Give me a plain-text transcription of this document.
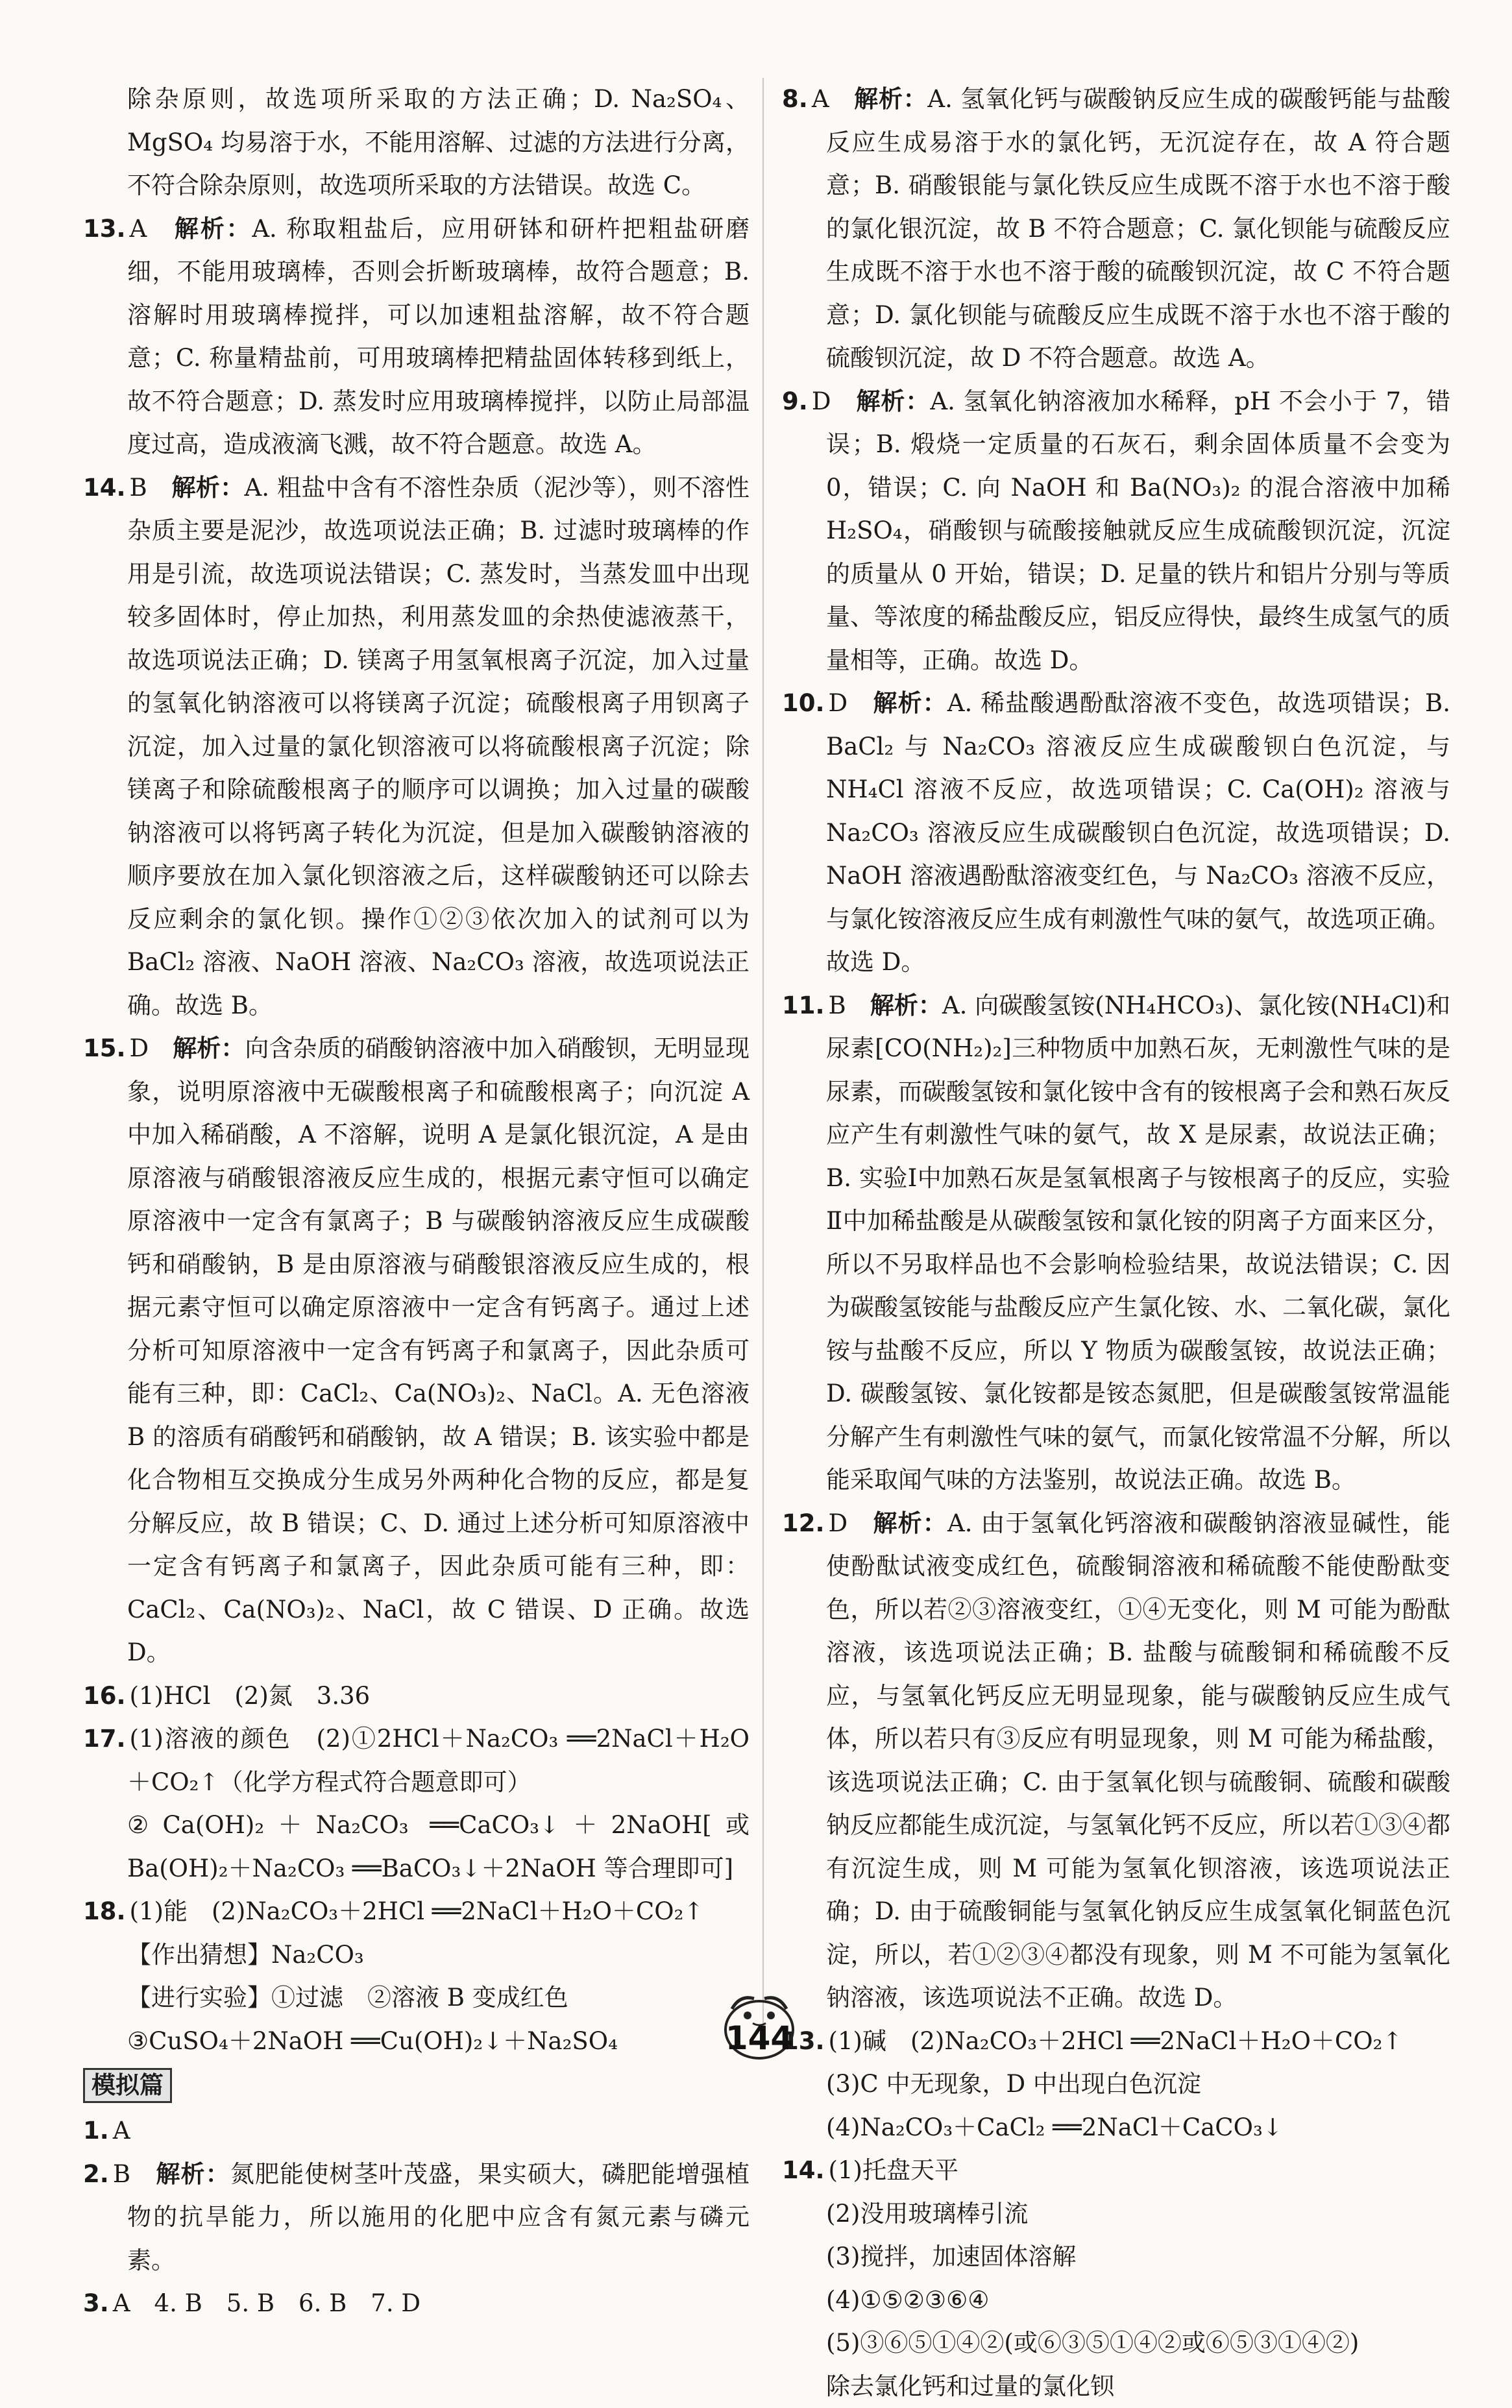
除杂原则，故选项所采取的方法正确；D. Na₂SO₄、MgSO₄ 均易溶于水，不能用溶解、过滤的方法进行分离，不符合除杂原则，故选项所采取的方法错误。故选 C。

13. A　 解析：A. 称取粗盐后，应用研钵和研杵把粗盐研磨细，不能用玻璃棒，否则会折断玻璃棒，故符合题意；B. 溶解时用玻璃棒搅拌，可以加速粗盐溶解，故不符合题意；C. 称量精盐前，可用玻璃棒把精盐固体转移到纸上，故不符合题意；D. 蒸发时应用玻璃棒搅拌，以防止局部温度过高，造成液滴飞溅，故不符合题意。故选 A。

14. B　 解析：A. 粗盐中含有不溶性杂质（泥沙等），则不溶性杂质主要是泥沙，故选项说法正确；B. 过滤时玻璃棒的作用是引流，故选项说法错误；C. 蒸发时，当蒸发皿中出现较多固体时，停止加热，利用蒸发皿的余热使滤液蒸干，故选项说法正确；D. 镁离子用氢氧根离子沉淀，加入过量的氢氧化钠溶液可以将镁离子沉淀；硫酸根离子用钡离子沉淀，加入过量的氯化钡溶液可以将硫酸根离子沉淀；除镁离子和除硫酸根离子的顺序可以调换；加入过量的碳酸钠溶液可以将钙离子转化为沉淀，但是加入碳酸钠溶液的顺序要放在加入氯化钡溶液之后，这样碳酸钠还可以除去反应剩余的氯化钡。操作①②③依次加入的试剂可以为 BaCl₂ 溶液、NaOH 溶液、Na₂CO₃ 溶液，故选项说法正确。故选 B。

15. D　 解析：向含杂质的硝酸钠溶液中加入硝酸钡，无明显现象，说明原溶液中无碳酸根离子和硫酸根离子；向沉淀 A 中加入稀硝酸，A 不溶解，说明 A 是氯化银沉淀，A 是由原溶液与硝酸银溶液反应生成的，根据元素守恒可以确定原溶液中一定含有氯离子；B 与碳酸钠溶液反应生成碳酸钙和硝酸钠，B 是由原溶液与硝酸银溶液反应生成的，根据元素守恒可以确定原溶液中一定含有钙离子。通过上述分析可知原溶液中一定含有钙离子和氯离子，因此杂质可能有三种，即：CaCl₂、Ca(NO₃)₂、NaCl。A. 无色溶液 B 的溶质有硝酸钙和硝酸钠，故 A 错误；B. 该实验中都是化合物相互交换成分生成另外两种化合物的反应，都是复分解反应，故 B 错误；C、D. 通过上述分析可知原溶液中一定含有钙离子和氯离子，因此杂质可能有三种，即：CaCl₂、Ca(NO₃)₂、NaCl，故 C 错误、D 正确。故选 D。

16. (1)HCl　(2)氮　3.36

17. (1)溶液的颜色　(2)①2HCl＋Na₂CO₃ ══2NaCl＋H₂O＋CO₂↑（化学方程式符合题意即可）

②Ca(OH)₂＋Na₂CO₃ ══CaCO₃↓＋2NaOH[或 Ba(OH)₂＋Na₂CO₃ ══BaCO₃↓＋2NaOH 等合理即可]

18. (1)能　(2)Na₂CO₃＋2HCl ══2NaCl＋H₂O＋CO₂↑

【作出猜想】Na₂CO₃

【进行实验】①过滤　②溶液 B 变成红色

③CuSO₄＋2NaOH ══Cu(OH)₂↓＋Na₂SO₄

模拟篇

1. A　

2. B　 解析：氮肥能使树茎叶茂盛，果实硕大，磷肥能增强植物的抗旱能力，所以施用的化肥中应含有氮元素与磷元素。

3. A　4. B　5. B　6. B　7. D　

8. A　 解析：A. 氢氧化钙与碳酸钠反应生成的碳酸钙能与盐酸反应生成易溶于水的氯化钙，无沉淀存在，故 A 符合题意；B. 硝酸银能与氯化铁反应生成既不溶于水也不溶于酸的氯化银沉淀，故 B 不符合题意；C. 氯化钡能与硫酸反应生成既不溶于水也不溶于酸的硫酸钡沉淀，故 C 不符合题意；D. 氯化钡能与硫酸反应生成既不溶于水也不溶于酸的硫酸钡沉淀，故 D 不符合题意。故选 A。

9. D　 解析：A. 氢氧化钠溶液加水稀释，pH 不会小于 7，错误；B. 煅烧一定质量的石灰石，剩余固体质量不会变为 0，错误；C. 向 NaOH 和 Ba(NO₃)₂ 的混合溶液中加稀 H₂SO₄，硝酸钡与硫酸接触就反应生成硫酸钡沉淀，沉淀的质量从 0 开始，错误；D. 足量的铁片和铝片分别与等质量、等浓度的稀盐酸反应，铝反应得快，最终生成氢气的质量相等，正确。故选 D。

10. D　 解析：A. 稀盐酸遇酚酞溶液不变色，故选项错误；B. BaCl₂ 与 Na₂CO₃ 溶液反应生成碳酸钡白色沉淀，与 NH₄Cl 溶液不反应，故选项错误；C. Ca(OH)₂ 溶液与 Na₂CO₃ 溶液反应生成碳酸钡白色沉淀，故选项错误；D. NaOH 溶液遇酚酞溶液变红色，与 Na₂CO₃ 溶液不反应，与氯化铵溶液反应生成有刺激性气味的氨气，故选项正确。故选 D。

11. B　 解析：A. 向碳酸氢铵(NH₄HCO₃)、氯化铵(NH₄Cl)和尿素[CO(NH₂)₂]三种物质中加熟石灰，无刺激性气味的是尿素，而碳酸氢铵和氯化铵中含有的铵根离子会和熟石灰反应产生有刺激性气味的氨气，故 X 是尿素，故说法正确；B. 实验Ⅰ中加熟石灰是氢氧根离子与铵根离子的反应，实验Ⅱ中加稀盐酸是从碳酸氢铵和氯化铵的阴离子方面来区分，所以不另取样品也不会影响检验结果，故说法错误；C. 因为碳酸氢铵能与盐酸反应产生氯化铵、水、二氧化碳，氯化铵与盐酸不反应，所以 Y 物质为碳酸氢铵，故说法正确；D. 碳酸氢铵、氯化铵都是铵态氮肥，但是碳酸氢铵常温能分解产生有刺激性气味的氨气，而氯化铵常温不分解，所以能采取闻气味的方法鉴别，故说法正确。故选 B。

12. D　 解析：A. 由于氢氧化钙溶液和碳酸钠溶液显碱性，能使酚酞试液变成红色，硫酸铜溶液和稀硫酸不能使酚酞变色，所以若②③溶液变红，①④无变化，则 M 可能为酚酞溶液，该选项说法正确；B. 盐酸与硫酸铜和稀硫酸不反应，与氢氧化钙反应无明显现象，能与碳酸钠反应生成气体，所以若只有③反应有明显现象，则 M 可能为稀盐酸，该选项说法正确；C. 由于氢氧化钡与硫酸铜、硫酸和碳酸钠反应都能生成沉淀，与氢氧化钙不反应，所以若①③④都有沉淀生成，则 M 可能为氢氧化钡溶液，该选项说法正确；D. 由于硫酸铜能与氢氧化钠反应生成氢氧化铜蓝色沉淀，所以，若①②③④都没有现象，则 M 不可能为氢氧化钠溶液，该选项说法不正确。故选 D。

13. (1)碱　(2)Na₂CO₃＋2HCl ══2NaCl＋H₂O＋CO₂↑

(3)C 中无现象，D 中出现白色沉淀

(4)Na₂CO₃＋CaCl₂ ══2NaCl＋CaCO₃↓

14. (1)托盘天平

(2)没用玻璃棒引流

(3)搅拌，加速固体溶解

(4)①⑤②③⑥④

(5)③⑥⑤①④②(或⑥③⑤①④②或⑥⑤③①④②)

除去氯化钙和过量的氯化钡

144
